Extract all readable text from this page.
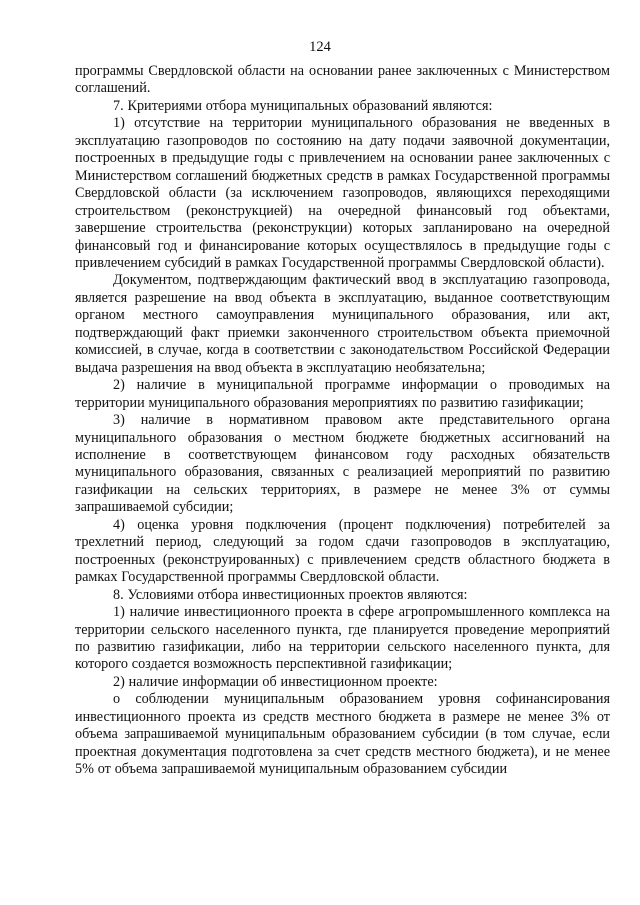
124

программы Свердловской области на основании ранее заключенных с Министерством соглашений.

7. Критериями отбора муниципальных образований являются:

1) отсутствие на территории муниципального образования не введенных в эксплуатацию газопроводов по состоянию на дату подачи заявочной документации, построенных в предыдущие годы с привлечением на основании ранее заключенных с Министерством соглашений бюджетных средств в рамках Государственной программы Свердловской области (за исключением газопроводов, являющихся переходящими строительством (реконструкцией) на очередной финансовый год объектами, завершение строительства (реконструкции) которых запланировано на очередной финансовый год и финансирование которых осуществлялось в предыдущие годы с привлечением субсидий в рамках Государственной программы Свердловской области).

Документом, подтверждающим фактический ввод в эксплуатацию газопровода, является разрешение на ввод объекта в эксплуатацию, выданное соответствующим органом местного самоуправления муниципального образования, или акт, подтверждающий факт приемки законченного строительством объекта приемочной комиссией, в случае, когда в соответствии с законодательством Российской Федерации выдача разрешения на ввод объекта в эксплуатацию необязательна;

2) наличие в муниципальной программе информации о проводимых на территории муниципального образования мероприятиях по развитию газификации;

3) наличие в нормативном правовом акте представительного органа муниципального образования о местном бюджете бюджетных ассигнований на исполнение в соответствующем финансовом году расходных обязательств муниципального образования, связанных с реализацией мероприятий по развитию газификации на сельских территориях, в размере не менее 3% от суммы запрашиваемой субсидии;

4) оценка уровня подключения (процент подключения) потребителей за трехлетний период, следующий за годом сдачи газопроводов в эксплуатацию, построенных (реконструированных) с привлечением средств областного бюджета в рамках Государственной программы Свердловской области.

8. Условиями отбора инвестиционных проектов являются:

1) наличие инвестиционного проекта в сфере агропромышленного комплекса на территории сельского населенного пункта, где планируется проведение мероприятий по развитию газификации, либо на территории сельского населенного пункта, для которого создается возможность перспективной газификации;

2) наличие информации об инвестиционном проекте:

о соблюдении муниципальным образованием уровня софинансирования инвестиционного проекта из средств местного бюджета в размере не менее 3% от объема запрашиваемой муниципальным образованием субсидии (в том случае, если проектная документация подготовлена за счет средств местного бюджета), и не менее 5% от объема запрашиваемой муниципальным образованием субсидии
